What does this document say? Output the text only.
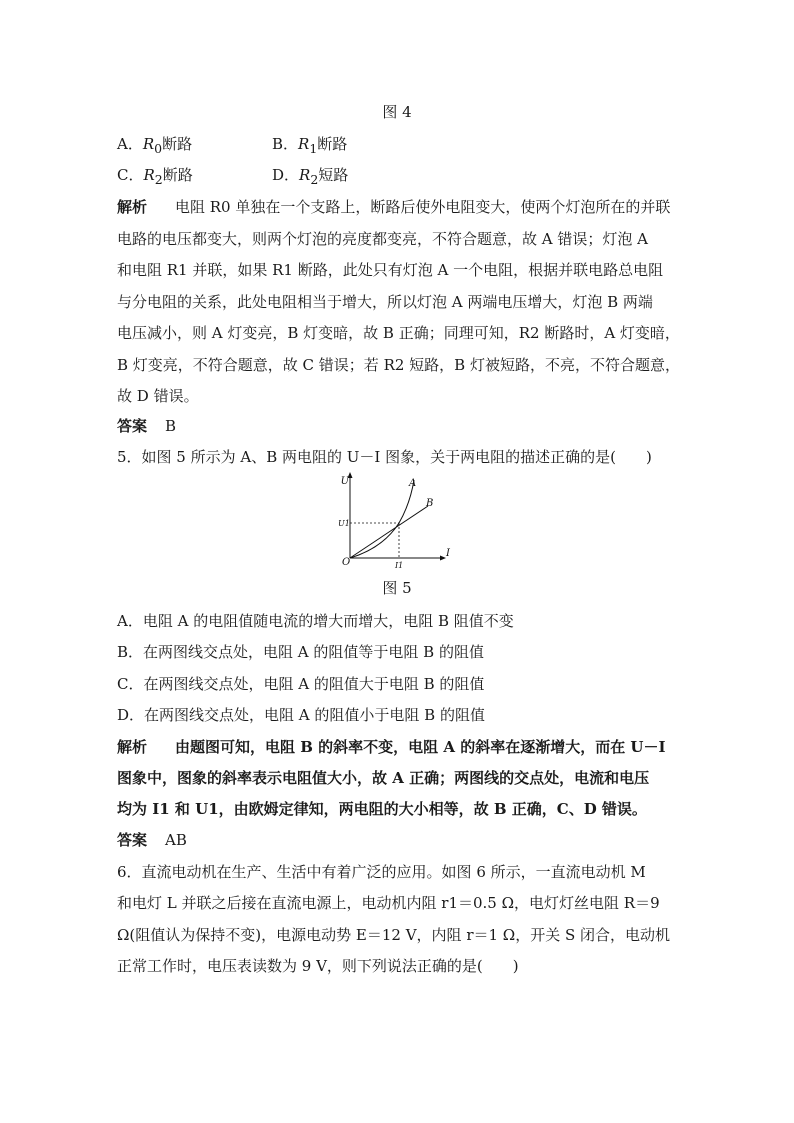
图 4
A．$R_0$断路	B．$R_1$断路
C．$R_2$断路	D．$R_2$短路
解析 电阻 R0 单独在一个支路上，断路后使外电阻变大，使两个灯泡所在的并联
电路的电压都变大，则两个灯泡的亮度都变亮，不符合题意，故 A 错误；灯泡 A
和电阻 R1 并联，如果 R1 断路，此处只有灯泡 A 一个电阻，根据并联电路总电阻
与分电阻的关系，此处电阻相当于增大，所以灯泡 A 两端电压增大，灯泡 B 两端
电压减小，则 A 灯变亮，B 灯变暗，故 B 正确；同理可知，R2 断路时，A 灯变暗，
B 灯变亮，不符合题意，故 C 错误；若 R2 短路，B 灯被短路，不亮，不符合题意，
故 D 错误。
答案 B
5．如图 5 所示为 A、B 两电阻的 U－I 图象，关于两电阻的描述正确的是(　　)
U
I
O
A
B
U1
I1
图 5
A．电阻 A 的电阻值随电流的增大而增大，电阻 B 阻值不变
B．在两图线交点处，电阻 A 的阻值等于电阻 B 的阻值
C．在两图线交点处，电阻 A 的阻值大于电阻 B 的阻值
D．在两图线交点处，电阻 A 的阻值小于电阻 B 的阻值
解析 由题图可知，电阻 B 的斜率不变，电阻 A 的斜率在逐渐增大，而在 U－I
图象中，图象的斜率表示电阻值大小，故 A 正确；两图线的交点处，电流和电压
均为 I1 和 U1，由欧姆定律知，两电阻的大小相等，故 B 正确，C、D 错误。
答案 AB
6．直流电动机在生产、生活中有着广泛的应用。如图 6 所示，一直流电动机 M
和电灯 L 并联之后接在直流电源上，电动机内阻 r1＝0.5 Ω，电灯灯丝电阻 R＝9
Ω(阻值认为保持不变)，电源电动势 E＝12 V，内阻 r＝1 Ω，开关 S 闭合，电动机
正常工作时，电压表读数为 9 V，则下列说法正确的是(　　)
